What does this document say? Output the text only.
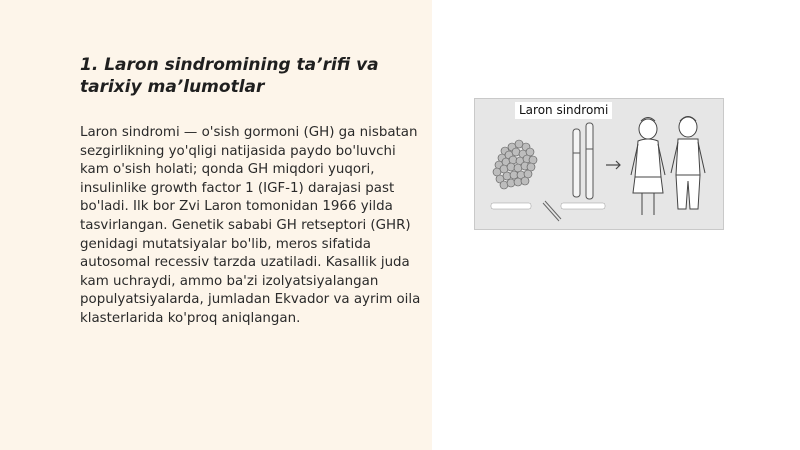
1. Laron sindromining ta’rifi va tarixiy ma’lumotlar

Laron sindromi — o'sish gormoni (GH) ga nisbatan sezgirlikning yo'qligi natijasida paydo bo'luvchi kam o'sish holati; qonda GH miqdori yuqori, insulinlike growth factor 1 (IGF-1) darajasi past bo'ladi. Ilk bor Zvi Laron tomonidan 1966 yilda tasvirlangan. Genetik sababi GH retseptori (GHR) genidagi mutatsiyalar bo'lib, meros sifatida autosomal recessiv tarzda uzatiladi. Kasallik juda kam uchraydi, ammo ba'zi izolyatsiyalangan populyatsiyalarda, jumladan Ekvador va ayrim oila klasterlarida ko'proq aniqlangan.

Laron sindromi
